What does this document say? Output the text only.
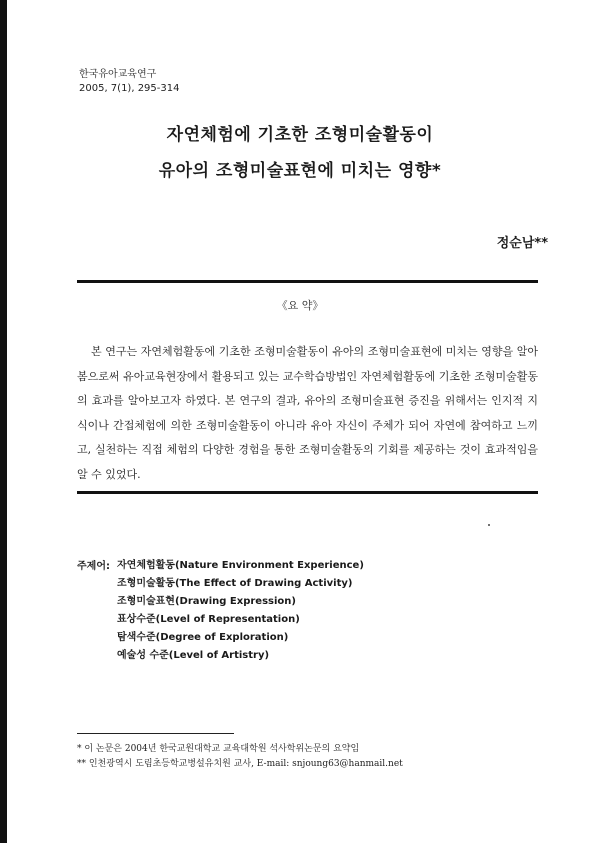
한국유아교육연구
2005, 7(1), 295-314
자연체험에 기초한 조형미술활동이
유아의 조형미술표현에 미치는 영향*
정순남**
《요 약》

본 연구는 자연체험활동에 기초한 조형미술활동이 유아의 조형미술표현에 미치는 영향을 알아봄으로써 유아교육현장에서 활용되고 있는 교수학습방법인 자연체험활동에 기초한 조형미술활동의 효과를 알아보고자 하였다. 본 연구의 결과, 유아의 조형미술표현 증진을 위해서는 인지적 지식이나 간접체험에 의한 조형미술활동이 아니라 유아 자신이 주체가 되어 자연에 참여하고 느끼고, 실천하는 직접 체험의 다양한 경험을 통한 조형미술활동의 기회를 제공하는 것이 효과적임을 알 수 있었다.

주제어: 자연체험활동(Nature Environment Experience)
조형미술활동(The Effect of Drawing Activity)
조형미술표현(Drawing Expression)
표상수준(Level of Representation)
탐색수준(Degree of Exploration)
예술성 수준(Level of Artistry)
* 이 논문은 2004년 한국교원대학교 교육대학원 석사학위논문의 요약임
** 인천광역시 도림초등학교병설유치원 교사, E-mail: snjoung63@hanmail.net
